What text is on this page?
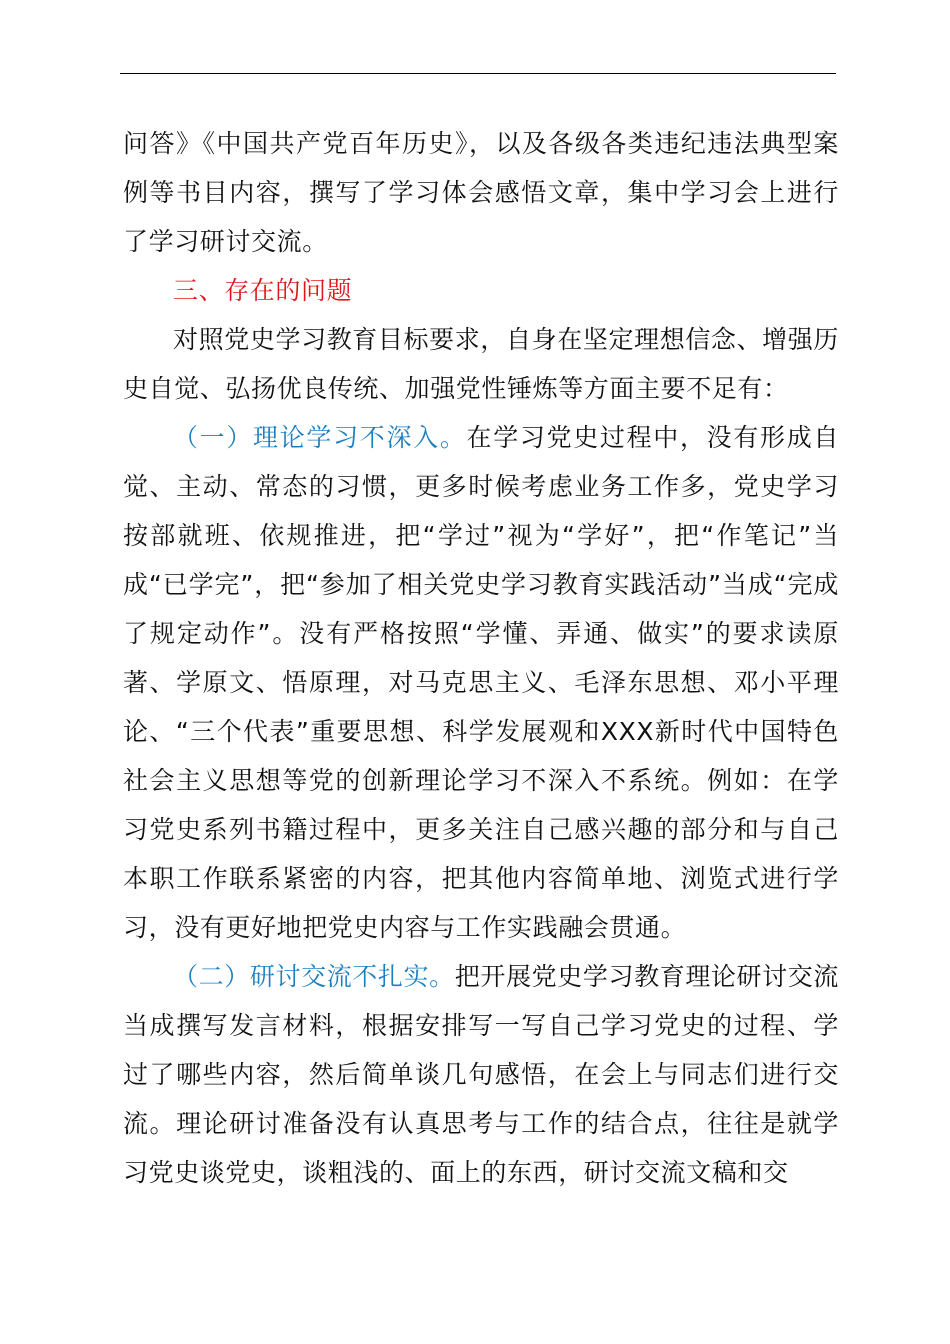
问答》《中国共产党百年历史》，以及各级各类违纪违法典型案例等书目内容，撰写了学习体会感悟文章，集中学习会上进行了学习研讨交流。

三、存在的问题

对照党史学习教育目标要求，自身在坚定理想信念、增强历史自觉、弘扬优良传统、加强党性锤炼等方面主要不足有：

（一）理论学习不深入。在学习党史过程中，没有形成自觉、主动、常态的习惯，更多时候考虑业务工作多，党史学习按部就班、依规推进，把“学过”视为“学好”，把“作笔记”当成“已学完”，把“参加了相关党史学习教育实践活动”当成“完成了规定动作”。没有严格按照“学懂、弄通、做实”的要求读原著、学原文、悟原理，对马克思主义、毛泽东思想、邓小平理论、“三个代表”重要思想、科学发展观和XXX新时代中国特色社会主义思想等党的创新理论学习不深入不系统。例如：在学习党史系列书籍过程中，更多关注自己感兴趣的部分和与自己本职工作联系紧密的内容，把其他内容简单地、浏览式进行学习，没有更好地把党史内容与工作实践融会贯通。

（二）研讨交流不扎实。把开展党史学习教育理论研讨交流当成撰写发言材料，根据安排写一写自己学习党史的过程、学过了哪些内容，然后简单谈几句感悟，在会上与同志们进行交流。理论研讨准备没有认真思考与工作的结合点，往往是就学习党史谈党史，谈粗浅的、面上的东西，研讨交流文稿和交
